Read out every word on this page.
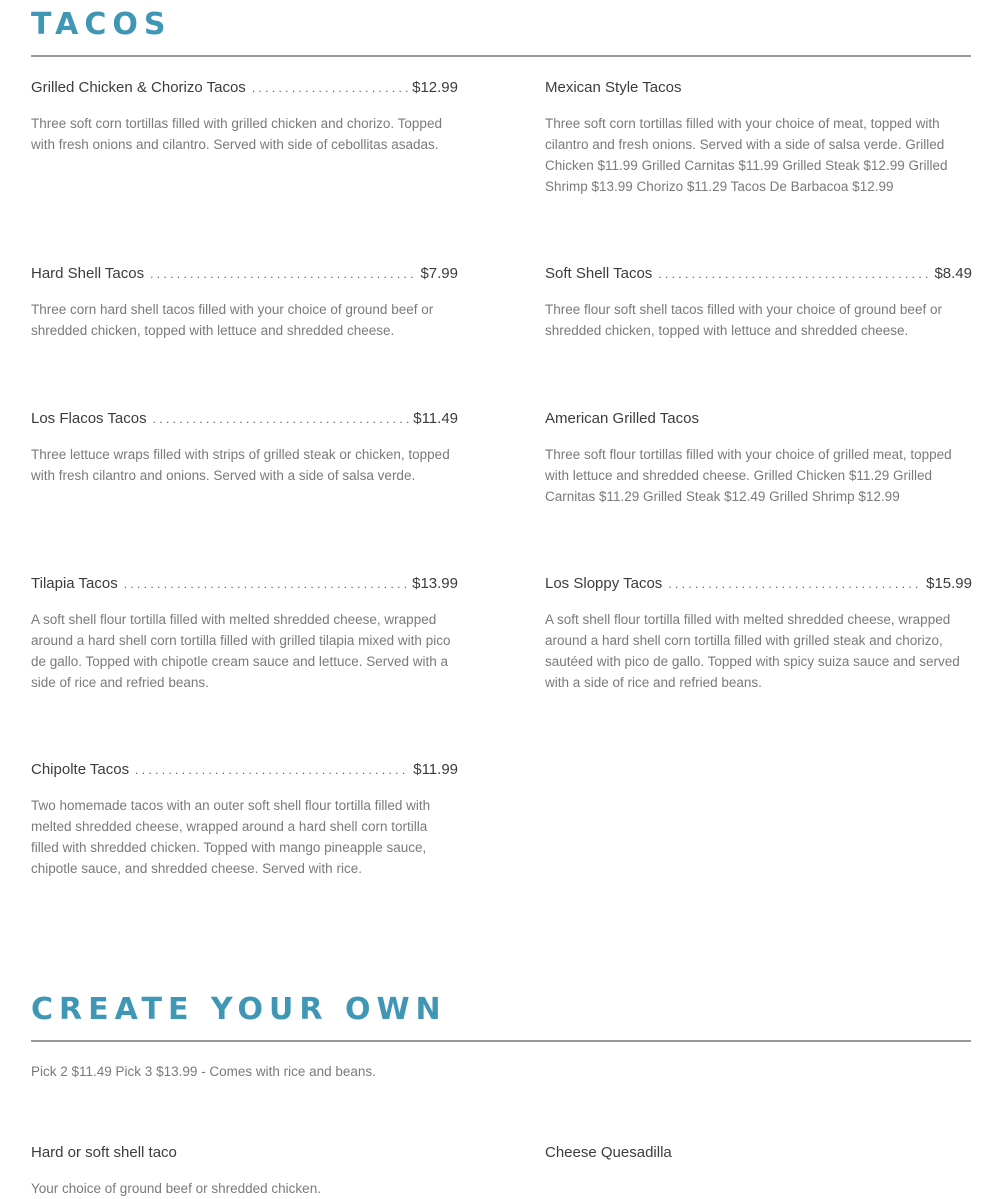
TACOS
Grilled Chicken & Chorizo Tacos . . .	$12.99
Three soft corn tortillas filled with grilled chicken and chorizo. Topped with fresh onions and cilantro. Served with side of cebollitas asadas.
Mexican Style Tacos
Three soft corn tortillas filled with your choice of meat, topped with cilantro and fresh onions. Served with a side of salsa verde. Grilled Chicken $11.99 Grilled Carnitas $11.99 Grilled Steak $12.99 Grilled Shrimp $13.99 Chorizo $11.29 Tacos De Barbacoa $12.99
Hard Shell Tacos . . .	$7.99
Three corn hard shell tacos filled with your choice of ground beef or shredded chicken, topped with lettuce and shredded cheese.
Soft Shell Tacos . . .	$8.49
Three flour soft shell tacos filled with your choice of ground beef or shredded chicken, topped with lettuce and shredded cheese.
Los Flacos Tacos . . .	$11.49
Three lettuce wraps filled with strips of grilled steak or chicken, topped with fresh cilantro and onions. Served with a side of salsa verde.
American Grilled Tacos
Three soft flour tortillas filled with your choice of grilled meat, topped with lettuce and shredded cheese. Grilled Chicken $11.29 Grilled Carnitas $11.29 Grilled Steak $12.49 Grilled Shrimp $12.99
Tilapia Tacos . . .	$13.99
A soft shell flour tortilla filled with melted shredded cheese, wrapped around a hard shell corn tortilla filled with grilled tilapia mixed with pico de gallo. Topped with chipotle cream sauce and lettuce. Served with a side of rice and refried beans.
Los Sloppy Tacos . . .	$15.99
A soft shell flour tortilla filled with melted shredded cheese, wrapped around a hard shell corn tortilla filled with grilled steak and chorizo, sautéed with pico de gallo. Topped with spicy suiza sauce and served with a side of rice and refried beans.
Chipolte Tacos . . .	$11.99
Two homemade tacos with an outer soft shell flour tortilla filled with melted shredded cheese, wrapped around a hard shell corn tortilla filled with shredded chicken. Topped with mango pineapple sauce, chipotle sauce, and shredded cheese. Served with rice.
CREATE YOUR OWN
Pick 2 $11.49 Pick 3 $13.99 - Comes with rice and beans.
Hard or soft shell taco
Your choice of ground beef or shredded chicken.
Cheese Quesadilla
